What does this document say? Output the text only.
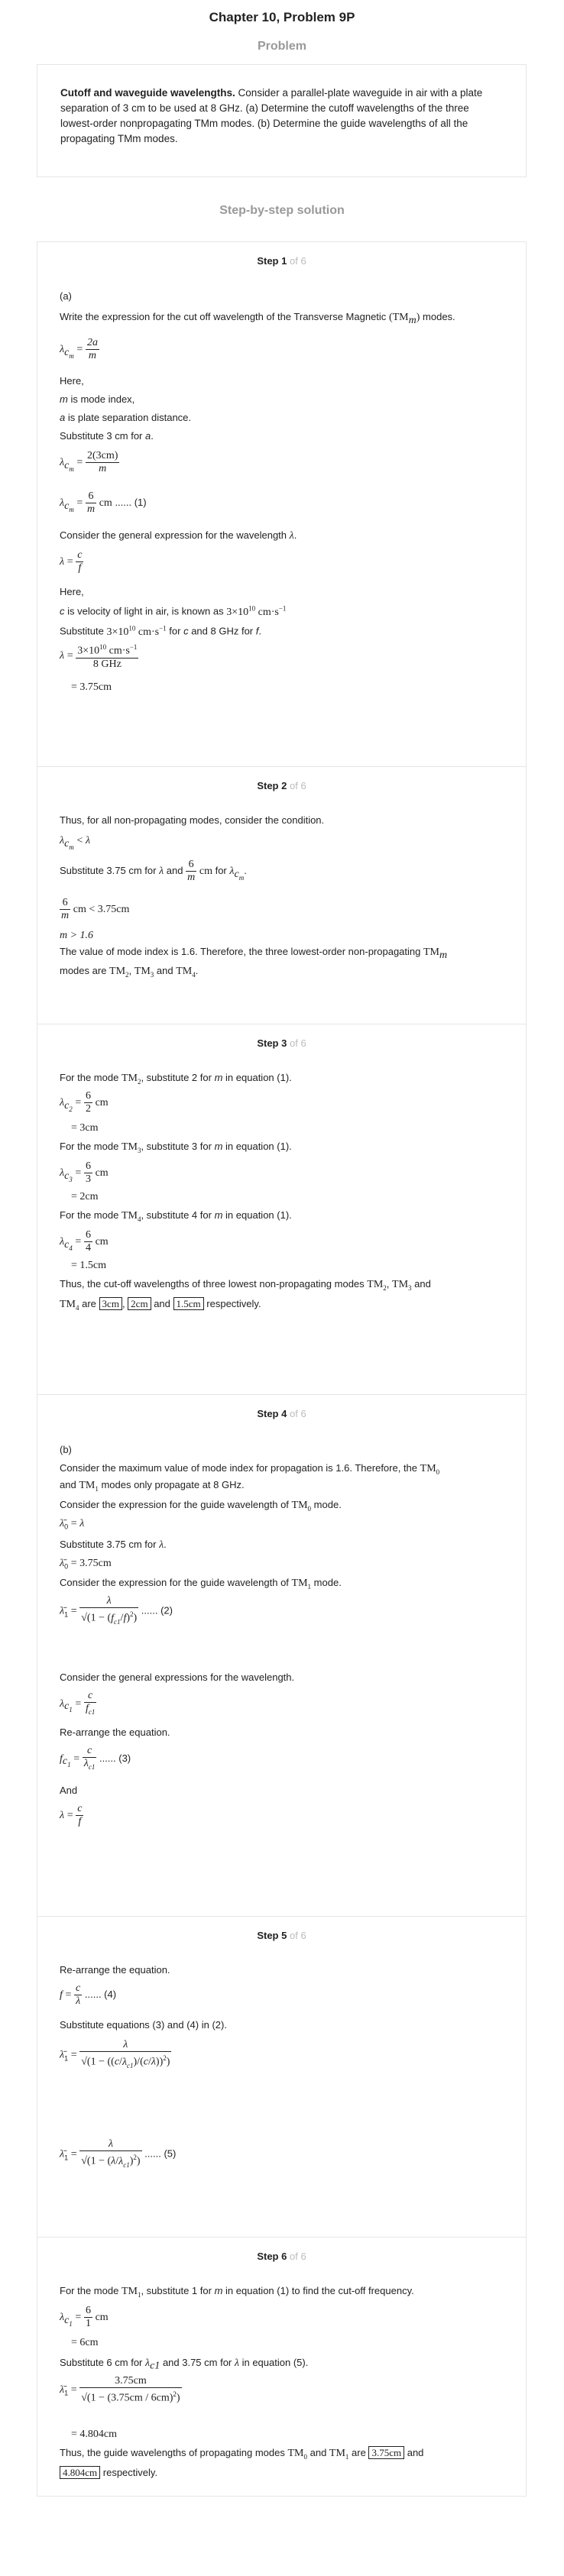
Chapter 10, Problem 9P
Problem
Cutoff and waveguide wavelengths. Consider a parallel-plate waveguide in air with a plate separation of 3 cm to be used at 8 GHz. (a) Determine the cutoff wavelengths of the three lowest-order nonpropagating TMm modes. (b) Determine the guide wavelengths of all the propagating TMm modes.
Step-by-step solution
Step 1 of 6
(a)
Write the expression for the cut off wavelength of the Transverse Magnetic $(TM_m)$ modes.
$\lambda_{c_m} = \frac{2a}{m}$
Here,
m is mode index,
a is plate separation distance.
Substitute 3 cm for a.
$\lambda_{c_m} = \frac{2(3cm)}{m}$
$\lambda_{c_m} = \frac{6}{m}$ cm ...... (1)
Consider the general expression for the wavelength λ.
$\lambda = \frac{c}{f}$
Here,
c is velocity of light in air, is known as $3\times 10^{10}$ $cm\cdot s^{-1}$
Substitute $3\times 10^{10}$ $cm\cdot s^{-1}$ for c and 8 GHz for f.
$\lambda = \frac{3\times 10^{10} cm\cdot s^{-1}}{\text{8 GHz}}$
= 3.75cm
Step 2 of 6
Thus, for all non-propagating modes, consider the condition.
$\lambda_{c_m} < \lambda$
Substitute 3.75 cm for λ and $\frac{6}{m}$ cm for $\lambda_{c_m}$.
$\frac{6}{m}$ cm < 3.75cm
m > 1.6
The value of mode index is 1.6. Therefore, the three lowest-order non-propagating $TM_m$
modes are $TM_2$, $TM_3$ and $TM_4$.
Step 3 of 6
For the mode $TM_2$, substitute 2 for m in equation (1).
$\lambda_{c_2} = \frac{6}{2}$ cm
= 3cm
For the mode $TM_3$, substitute 3 for m in equation (1).
$\lambda_{c_3} = \frac{6}{3}$ cm
= 2cm
For the mode $TM_4$, substitute 4 for m in equation (1).
$\lambda_{c_4} = \frac{6}{4}$ cm
= 1.5cm
Thus, the cut-off wavelengths of three lowest non-propagating modes $TM_2$, $TM_3$ and
$TM_4$ are 3cm , 2cm and 1.5cm respectively.
Step 4 of 6
(b)
Consider the maximum value of mode index for propagation is 1.6. Therefore, the $TM_0$
and $TM_1$ modes only propagate at 8 GHz.
Consider the expression for the guide wavelength of $TM_0$ mode.
$\lambdā_0 = \lambda$
Substitute 3.75 cm for λ.
$\lambdā_0 = 3.75cm$
Consider the expression for the guide wavelength of $TM_1$ mode.
$\lambdā_1 = \frac{\lambda}{√(1 - (f_{c1}/f)^2)}$ ...... (2)
Consider the general expressions for the wavelength.
$\lambda_{c_1} = \frac{c}{f_{c1}}$
Re-arrange the equation.
$f_{c_1} = \frac{c}{\lambda_{c1}}$ ...... (3)
And
$\lambda = \frac{c}{f}$
Step 5 of 6
Re-arrange the equation.
$f = \frac{c}{\lambda}$ ...... (4)
Substitute equations (3) and (4) in (2).
$\lambdā_1 = \frac{\lambda}{√(1 - ((c/\lambda_{c1})/(c/\lambda))^2)}$
$\lambdā_1 = \frac{\lambda}{√(1 - (\lambda/\lambda_{c1})^2)}$ ...... (5)
Step 6 of 6
For the mode $TM_1$, substitute 1 for m in equation (1) to find the cut-off frequency.
$\lambda_{c_1} = \frac{6}{1}$ cm
= 6cm
Substitute 6 cm for $\lambda_{c1}$ and 3.75 cm for λ in equation (5).
$\lambdā_1 = \frac{3.75cm}{√(1 - (3.75cm / 6cm)^2)}$
= 4.804cm
Thus, the guide wavelengths of propagating modes $TM_0$ and $TM_1$ are 3.75cm and
4.804cm respectively.
